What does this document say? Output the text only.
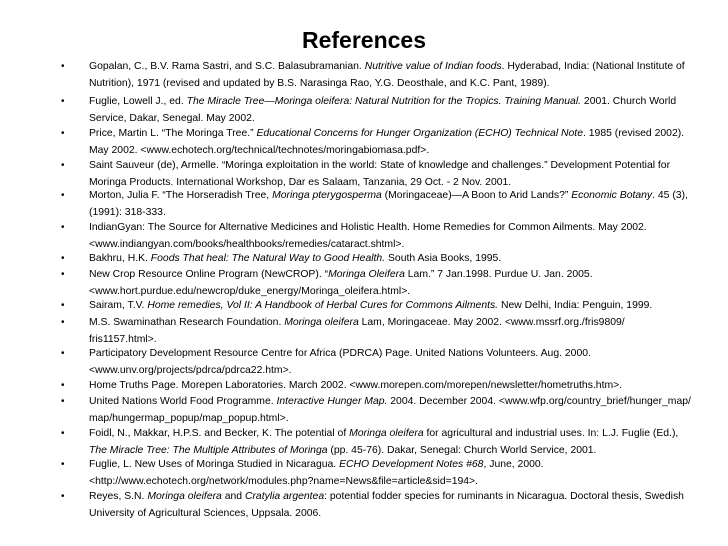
References
• Gopalan, C., B.V. Rama Sastri, and S.C. Balasubramanian. Nutritive value of Indian foods. Hyderabad, India: (National Institute of
Nutrition), 1971 (revised and updated by B.S. Narasinga Rao, Y.G. Deosthale, and K.C. Pant, 1989).
• Fuglie, Lowell J., ed. The Miracle Tree—Moringa oleifera: Natural Nutrition for the Tropics. Training Manual. 2001. Church World
Service, Dakar, Senegal. May 2002.
• Price, Martin L. “The Moringa Tree.” Educational Concerns for Hunger Organization (ECHO) Technical Note. 1985 (revised 2002).
May 2002. <www.echotech.org/technical/technotes/moringabiomasa.pdf>.
• Saint Sauveur (de), Armelle. “Moringa exploitation in the world: State of knowledge and challenges.” Development Potential for
Moringa Products. International Workshop, Dar es Salaam, Tanzania, 29 Oct. - 2 Nov. 2001.
• Morton, Julia F. “The Horseradish Tree, Moringa pterygosperma (Moringaceae)—A Boon to Arid Lands?” Economic Botany. 45 (3),
(1991): 318-333.
• IndianGyan: The Source for Alternative Medicines and Holistic Health. Home Remedies for Common Ailments. May 2002.
<www.indiangyan.com/books/healthbooks/remedies/cataract.shtml>.
• Bakhru, H.K. Foods That heal: The Natural Way to Good Health. South Asia Books, 1995.
• New Crop Resource Online Program (NewCROP). “Moringa Oleifera Lam.” 7 Jan.1998. Purdue U. Jan. 2005.
<www.hort.purdue.edu/newcrop/duke_energy/Moringa_oleifera.html>.
• Sairam, T.V. Home remedies, Vol II: A Handbook of Herbal Cures for Commons Ailments. New Delhi, India: Penguin, 1999.
• M.S. Swaminathan Research Foundation. Moringa oleifera Lam, Moringaceae. May 2002. <www.mssrf.org./fris9809/
fris1157.html>.
• Participatory Development Resource Centre for Africa (PDRCA) Page. United Nations Volunteers. Aug. 2000.
<www.unv.org/projects/pdrca/pdrca22.htm>.
• Home Truths Page. Morepen Laboratories. March 2002. <www.morepen.com/morepen/newsletter/hometruths.htm>.
• United Nations World Food Programme. Interactive Hunger Map. 2004. December 2004. <www.wfp.org/country_brief/hunger_map/
map/hungermap_popup/map_popup.html>.
• Foidl, N., Makkar, H.P.S. and Becker, K. The potential of Moringa oleifera for agricultural and industrial uses. In: L.J. Fuglie (Ed.),
The Miracle Tree: The Multiple Attributes of Moringa (pp. 45-76). Dakar, Senegal: Church World Service, 2001.
• Fuglie, L. New Uses of Moringa Studied in Nicaragua. ECHO Development Notes #68, June, 2000.
<http://www.echotech.org/network/modules.php?name=News&file=article&sid=194>.
• Reyes, S.N. Moringa oleifera and Cratylia argentea: potential fodder species for ruminants in Nicaragua. Doctoral thesis, Swedish
University of Agricultural Sciences, Uppsala. 2006.
